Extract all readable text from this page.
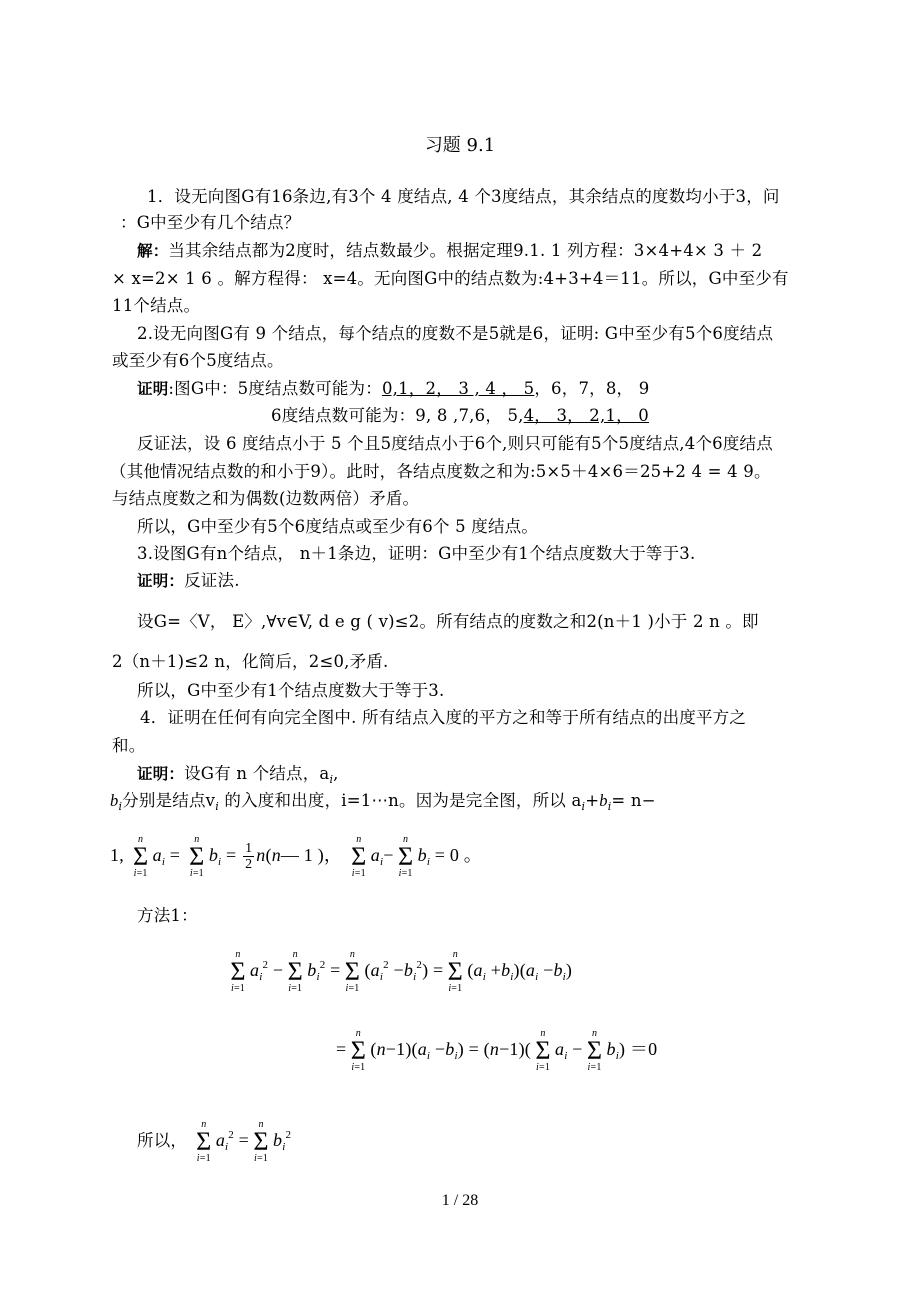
习题 9.1
1．设无向图G有16条边,有3个 4 度结点, 4 个3度结点，其余结点的度数均小于3，问
：G中至少有几个结点？
解：当其余结点都为2度时，结点数最少。根据定理9.1. 1 列方程：3×4+4× 3 ＋ 2
× x=2× 1 6 。解方程得： x=4。无向图G中的结点数为:4+3+4＝11。所以，G中至少有
11个结点。
2.设无向图G有 9 个结点，每个结点的度数不是5就是6，证明: G中至少有5个6度结点
或至少有6个5度结点。
证明:图G中：5度结点数可能为：0,1，2， 3 , 4 ， 5，6，7，8， 9
6度结点数可能为：9, 8 ,7,6， 5,4， 3， 2,1， 0
反证法，设 6 度结点小于 5 个且5度结点小于6个,则只可能有5个5度结点,4个6度结点
（其他情况结点数的和小于9）。此时，各结点度数之和为:5×5＋4×6＝25+2 4 = 4 9。
与结点度数之和为偶数(边数两倍）矛盾。
所以，G中至少有5个6度结点或至少有6个 5 度结点。
3.设图G有n个结点， n＋1条边，证明：G中至少有1个结点度数大于等于3.
证明：反证法.
设G=〈V， E〉,∀v∈V, d e g ( v)≤2。所有结点的度数之和2(n＋1 )小于 2 n 。即
2（n＋1)≤2 n，化简后，2≤0,矛盾.
所以，G中至少有1个结点度数大于等于3.
4．证明在任何有向完全图中. 所有结点入度的平方之和等于所有结点的出度平方之
和。
证明：设G有 n 个结点，$a_i$,
$b_i$分别是结点$v_i$ 的入度和出度，i=1⋯n。因为是完全图，所以 $a_i+b_i= n-$
1,
n
Σ
i=1
$a_i$ =
n
Σ
i=1
$b_i = \frac{1}{2}$ n(n— 1 )，
n
Σ
i=1
$a_i-$
n
Σ
i=1
$b_i = 0$ 。
方法1：
n
Σ
i=1
$a_i^2$ −
n
Σ
i=1
$b_i^2$ =
n
Σ
i=1
$(a_i^2 -b_i^2)$ =
n
Σ
i=1
$(a_i +b_i)(a_i -b_i)$
=
n
Σ
i=1
$(n-1)(a_i -b_i) = (n-1)$(
n
Σ
i=1
$a_i$ −
n
Σ
i=1
$b_i) =0$
所以，
n
Σ
i=1
$a_i^2$ =
n
Σ
i=1
$b_i^2$
1 / 28
